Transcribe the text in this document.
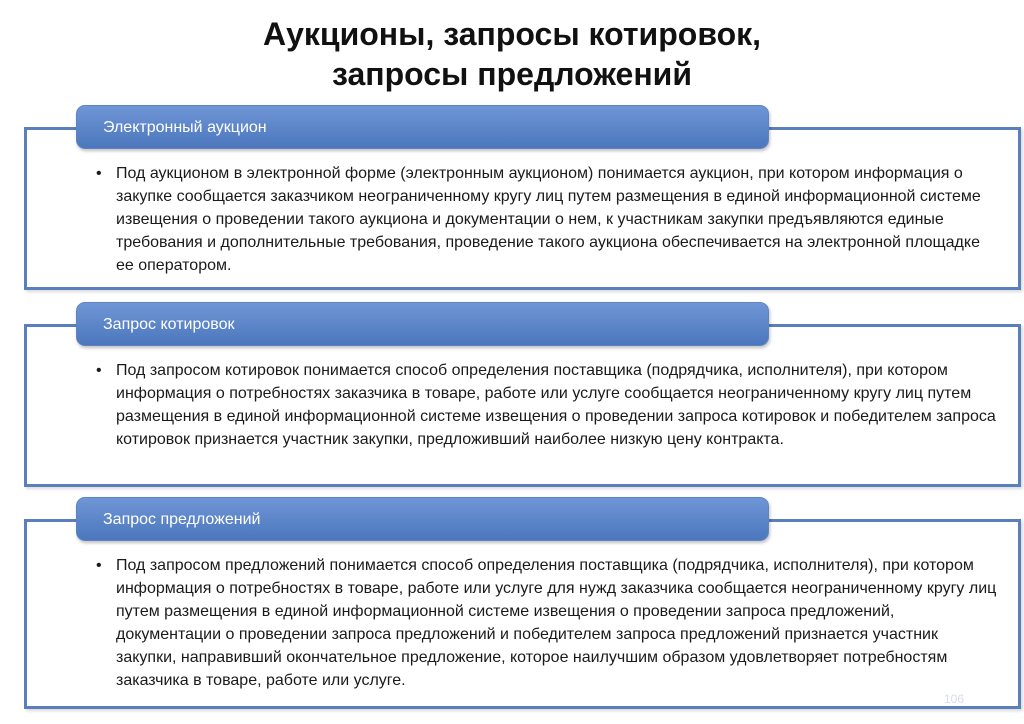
Аукционы, запросы котировок,
запросы предложений
Электронный аукцион
• Под аукционом в электронной форме (электронным аукционом) понимается аукцион, при котором информация о закупке сообщается заказчиком неограниченному кругу лиц путем размещения в единой информационной системе извещения о проведении такого аукциона и документации о нем, к участникам закупки предъявляются единые требования и дополнительные требования, проведение такого аукциона обеспечивается на электронной площадке ее оператором.
Запрос котировок
• Под запросом котировок понимается способ определения поставщика (подрядчика, исполнителя), при котором информация о потребностях заказчика в товаре, работе или услуге сообщается неограниченному кругу лиц путем размещения в единой информационной системе извещения о проведении запроса котировок и победителем запроса котировок признается участник закупки, предложивший наиболее низкую цену контракта.
Запрос предложений
• Под запросом предложений понимается способ определения поставщика (подрядчика, исполнителя), при котором информация о потребностях в товаре, работе или услуге для нужд заказчика сообщается неограниченному кругу лиц путем размещения в единой информационной системе извещения о проведении запроса предложений, документации о проведении запроса предложений и победителем запроса предложений признается участник закупки, направивший окончательное предложение, которое наилучшим образом удовлетворяет потребностям заказчика в товаре, работе или услуге.
106
